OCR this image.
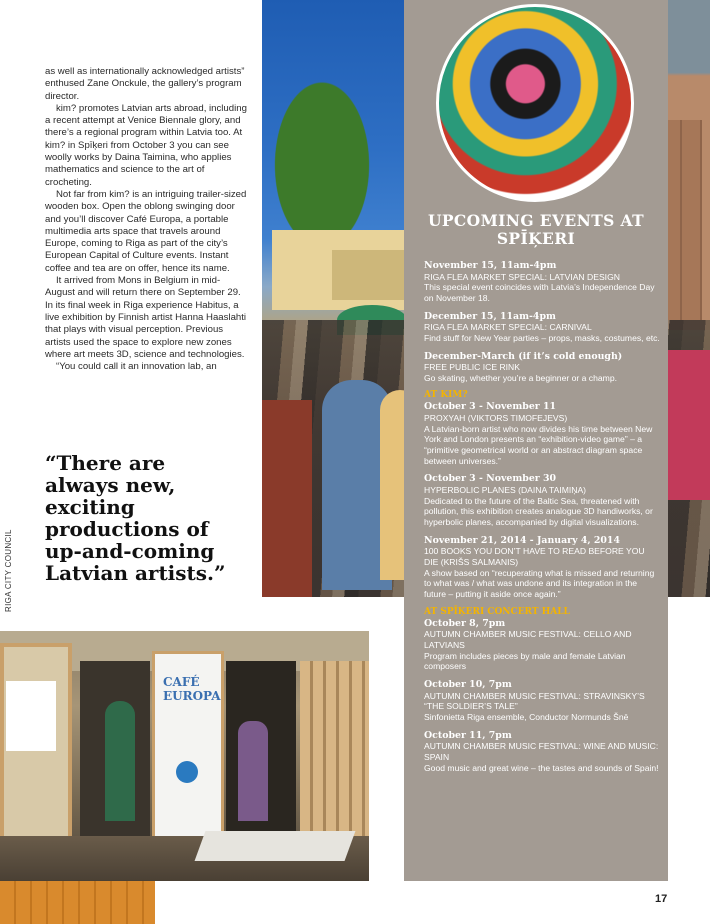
as well as internationally acknowledged artists” enthused Zane Onckule, the gallery’s program director.

kim? promotes Latvian arts abroad, including a recent attempt at Venice Biennale glory, and there’s a regional program within Latvia too. At kim? in Spīķeri from October 3 you can see woolly works by Daina Taimina, who applies mathematics and science to the art of crocheting.

Not far from kim? is an intriguing trailer-sized wooden box. Open the oblong swinging door and you’ll discover Café Europa, a portable multimedia arts space that travels around Europe, coming to Riga as part of the city’s European Capital of Culture events. Instant coffee and tea are on offer, hence its name.

It arrived from Mons in Belgium in mid-August and will return there on September 29. In its final week in Riga experience Habitus, a live exhibition by Finnish artist Hanna Haaslahti that plays with visual perception. Previous artists used the space to explore new zones where art meets 3D, science and technologies.

“You could call it an innovation lab, an

“There are always new, exciting productions of up-and-coming Latvian artists.”
RIGA CITY COUNCIL
CAFÉ EUROPA
UPCOMING EVENTS AT SPĪĶERI
November 15, 11am-4pm
RIGA FLEA MARKET SPECIAL: LATVIAN DESIGN
This special event coincides with Latvia’s Independence Day on November 18.
December 15, 11am-4pm
RIGA FLEA MARKET SPECIAL: CARNIVAL
Find stuff for New Year parties – props, masks, costumes, etc.
December-March (if it’s cold enough)
FREE PUBLIC ICE RINK
Go skating, whether you’re a beginner or a champ.
AT KIM?
October 3 - November 11
PROXYAH (VIKTORS TIMOFEJEVS)
A Latvian-born artist who now divides his time between New York and London presents an “exhibition-video game” – a “primitive geometrical world or an abstract diagram space between universes.”
October 3 - November 30
HYPERBOLIC PLANES (DAINA TAIMIŅA)
Dedicated to the future of the Baltic Sea, threatened with pollution, this exhibition creates analogue 3D handiworks, or hyperbolic planes, accompanied by digital visualizations.
November 21, 2014 - January 4, 2014
100 BOOKS YOU DON’T HAVE TO READ BEFORE YOU DIE (KRIŠS SALMANIS)
A show based on “recuperating what is missed and returning to what was / what was undone and its integration in the future – putting it aside once again.”
AT SPĪĶERI CONCERT HALL
October 8, 7pm
AUTUMN CHAMBER MUSIC FESTIVAL: CELLO AND LATVIANS
Program includes pieces by male and female Latvian composers
October 10, 7pm
AUTUMN CHAMBER MUSIC FESTIVAL: STRAVINSKY’S “THE SOLDIER’S TALE”
Sinfonietta Riga ensemble, Conductor Normunds Šnē
October 11, 7pm
AUTUMN CHAMBER MUSIC FESTIVAL: WINE AND MUSIC: SPAIN
Good music and great wine – the tastes and sounds of Spain!
17
